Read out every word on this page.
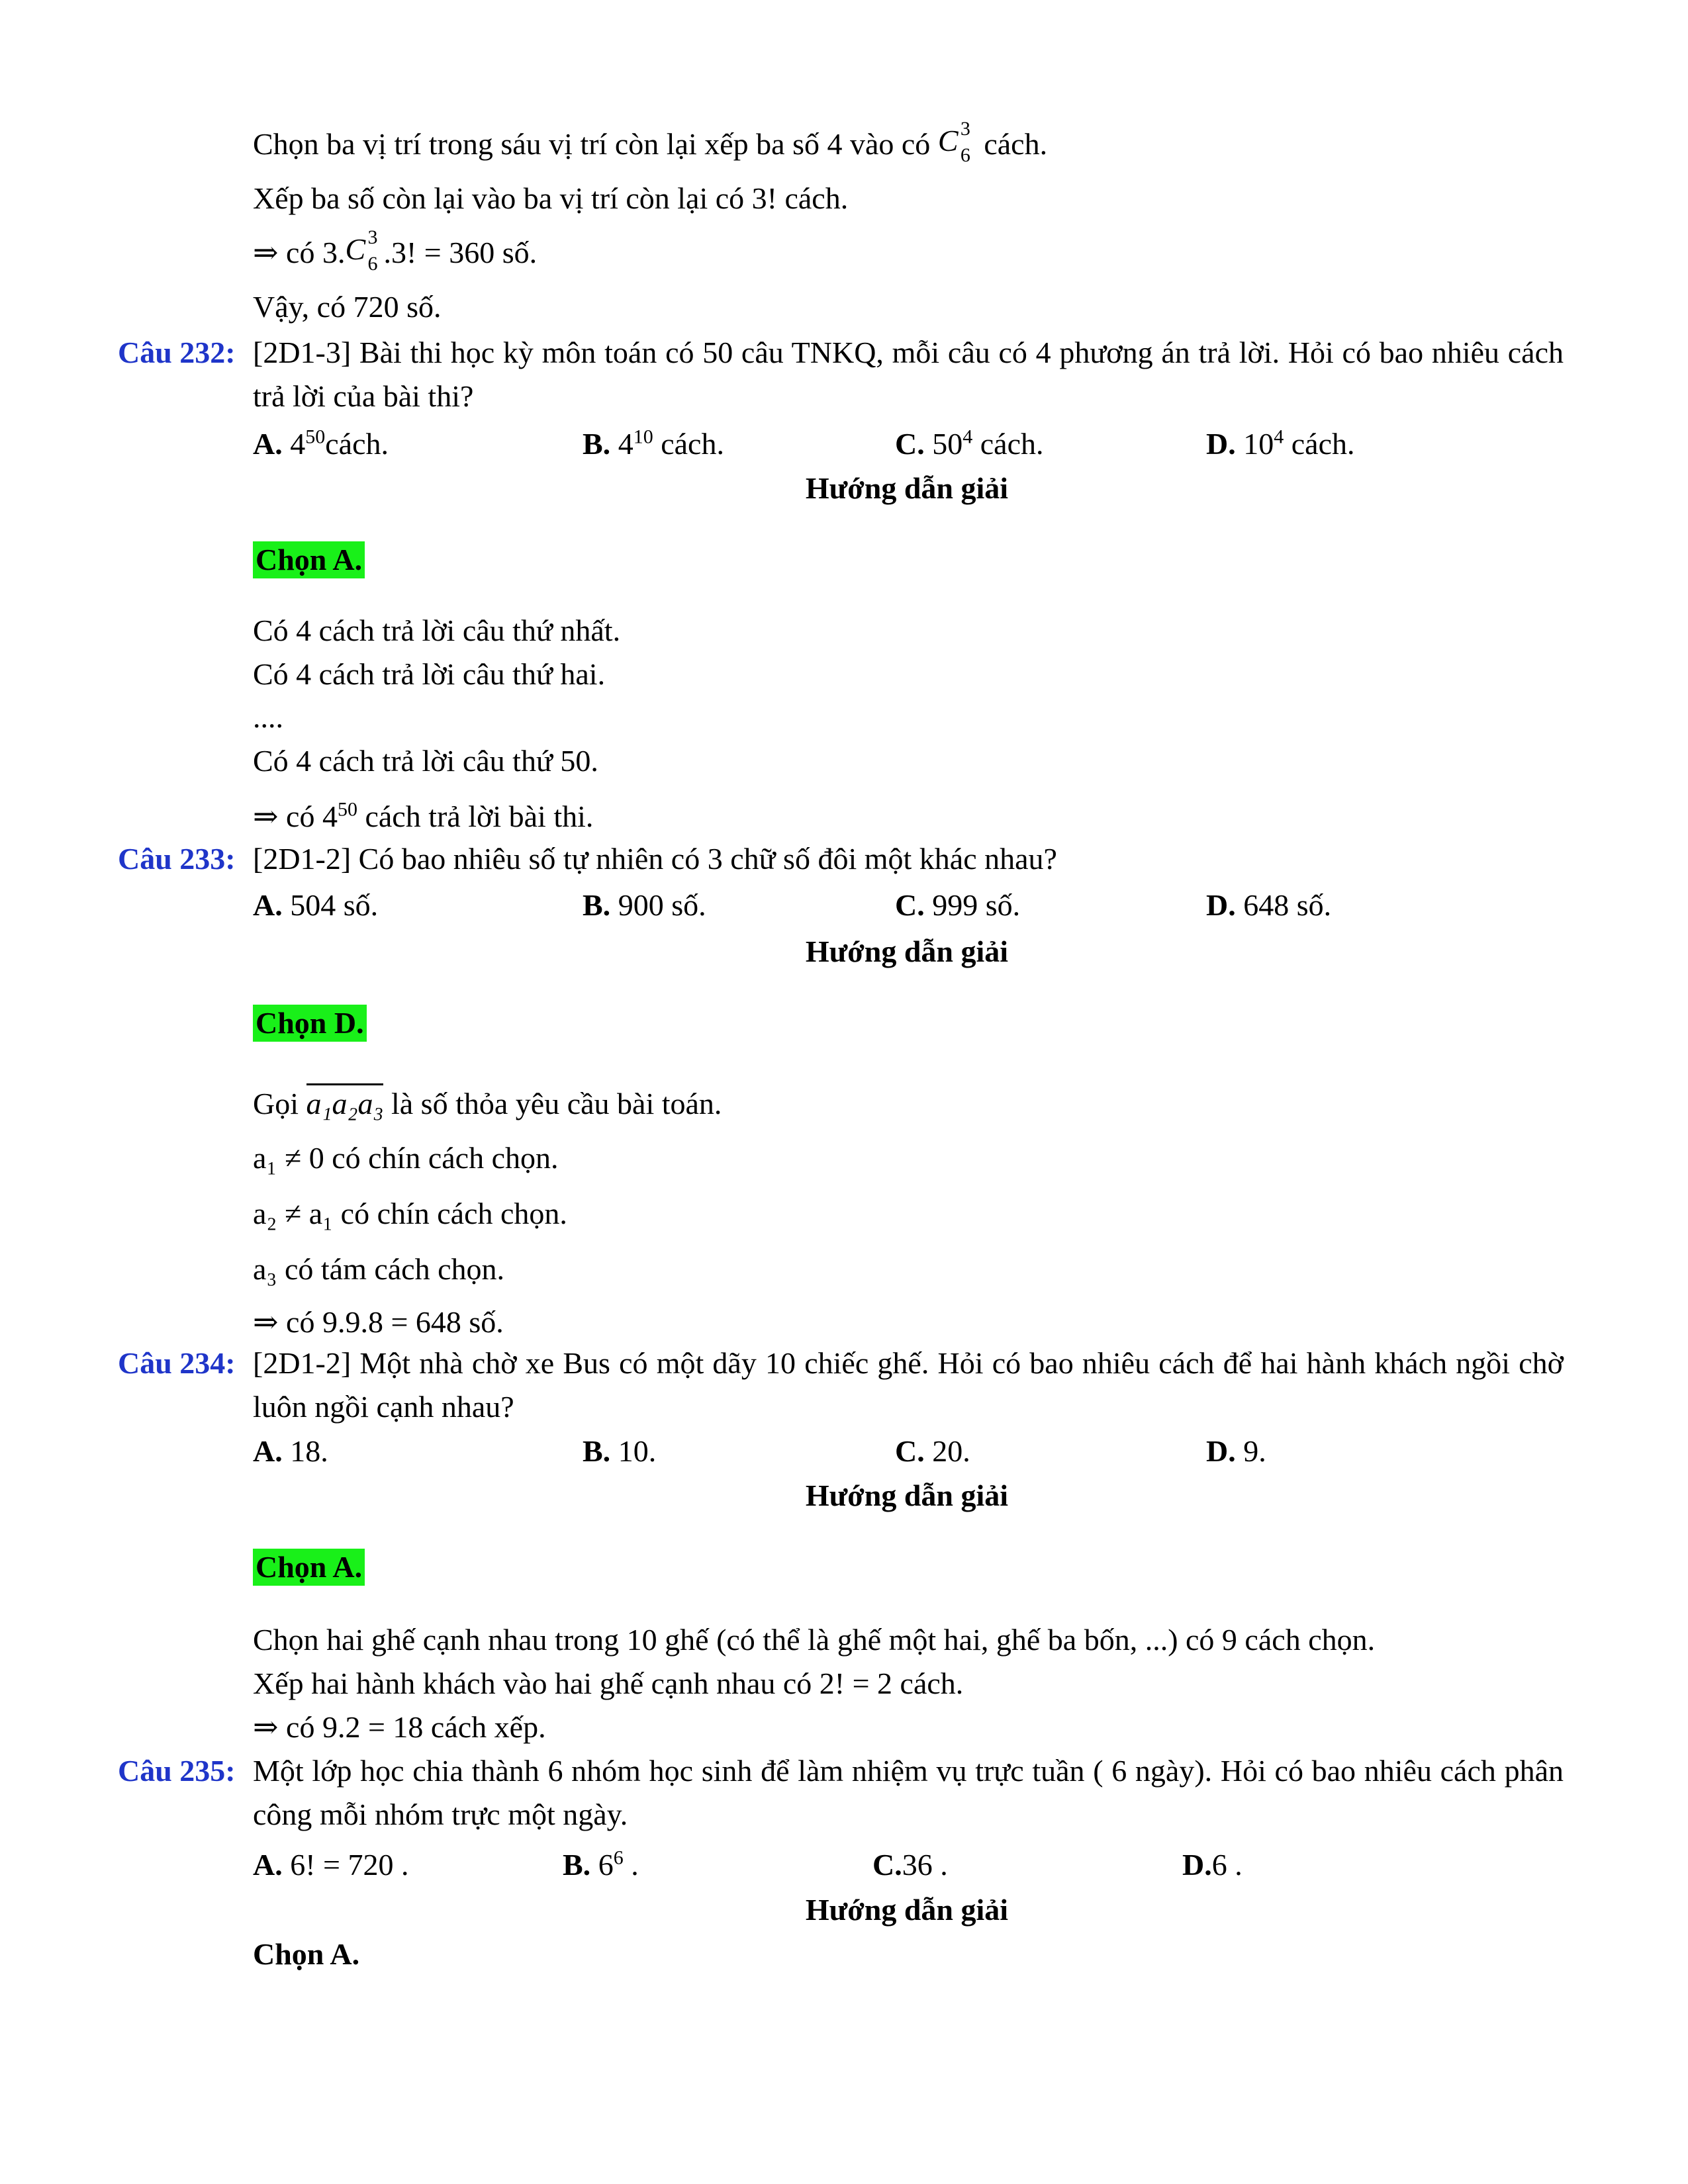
Chọn ba vị trí trong sáu vị trí còn lại xếp ba số 4 vào có C 3
6 cách.
Xếp ba số còn lại vào ba vị trí còn lại có 3! cách.
⇒ có 3. C 3
6 .3! = 360 số.
Vậy, có 720 số.
Câu 232: [2D1-3] Bài thi học kỳ môn toán có 50 câu TNKQ, mỗi câu có 4 phương án trả lời. Hỏi có bao nhiêu cách trả lời của bài thi?
A. $4^{50}cách$.	B. $4^{10}$ cách.	C. $50^4$ cách.	D. $10^4$ cách.
Hướng dẫn giải
Chọn A.
Có 4 cách trả lời câu thứ nhất.
Có 4 cách trả lời câu thứ hai.
....
Có 4 cách trả lời câu thứ 50.
⇒ có $4^{50}$ cách trả lời bài thi.
Câu 233: [2D1-2] Có bao nhiêu số tự nhiên có 3 chữ số đôi một khác nhau?
A. 504 số.	B. 900 số.	C. 999 số.	D. 648 số.
Hướng dẫn giải
Chọn D.
Gọi a₁a₂a₃ là số thỏa yêu cầu bài toán.
a₁ ≠ 0 có chín cách chọn.
a₂ ≠ a₁ có chín cách chọn.
a₃ có tám cách chọn.
⇒ có 9.9.8 = 648 số.
Câu 234: [2D1-2] Một nhà chờ xe Bus có một dãy 10 chiếc ghế. Hỏi có bao nhiêu cách để hai hành khách ngồi chờ luôn ngồi cạnh nhau?
A. 18.	B. 10.	C. 20.	D. 9.
Hướng dẫn giải
Chọn A.
Chọn hai ghế cạnh nhau trong 10 ghế (có thể là ghế một hai, ghế ba bốn, ...) có 9 cách chọn.
Xếp hai hành khách vào hai ghế cạnh nhau có 2! = 2 cách.
⇒ có 9.2 = 18 cách xếp.
Câu 235: Một lớp học chia thành 6 nhóm học sinh để làm nhiệm vụ trực tuần ( 6 ngày). Hỏi có bao nhiêu cách phân công mỗi nhóm trực một ngày.
A. 6! = 720 .	B. $6^6$ .	C.36 .	D.6 .
Hướng dẫn giải
Chọn A.
